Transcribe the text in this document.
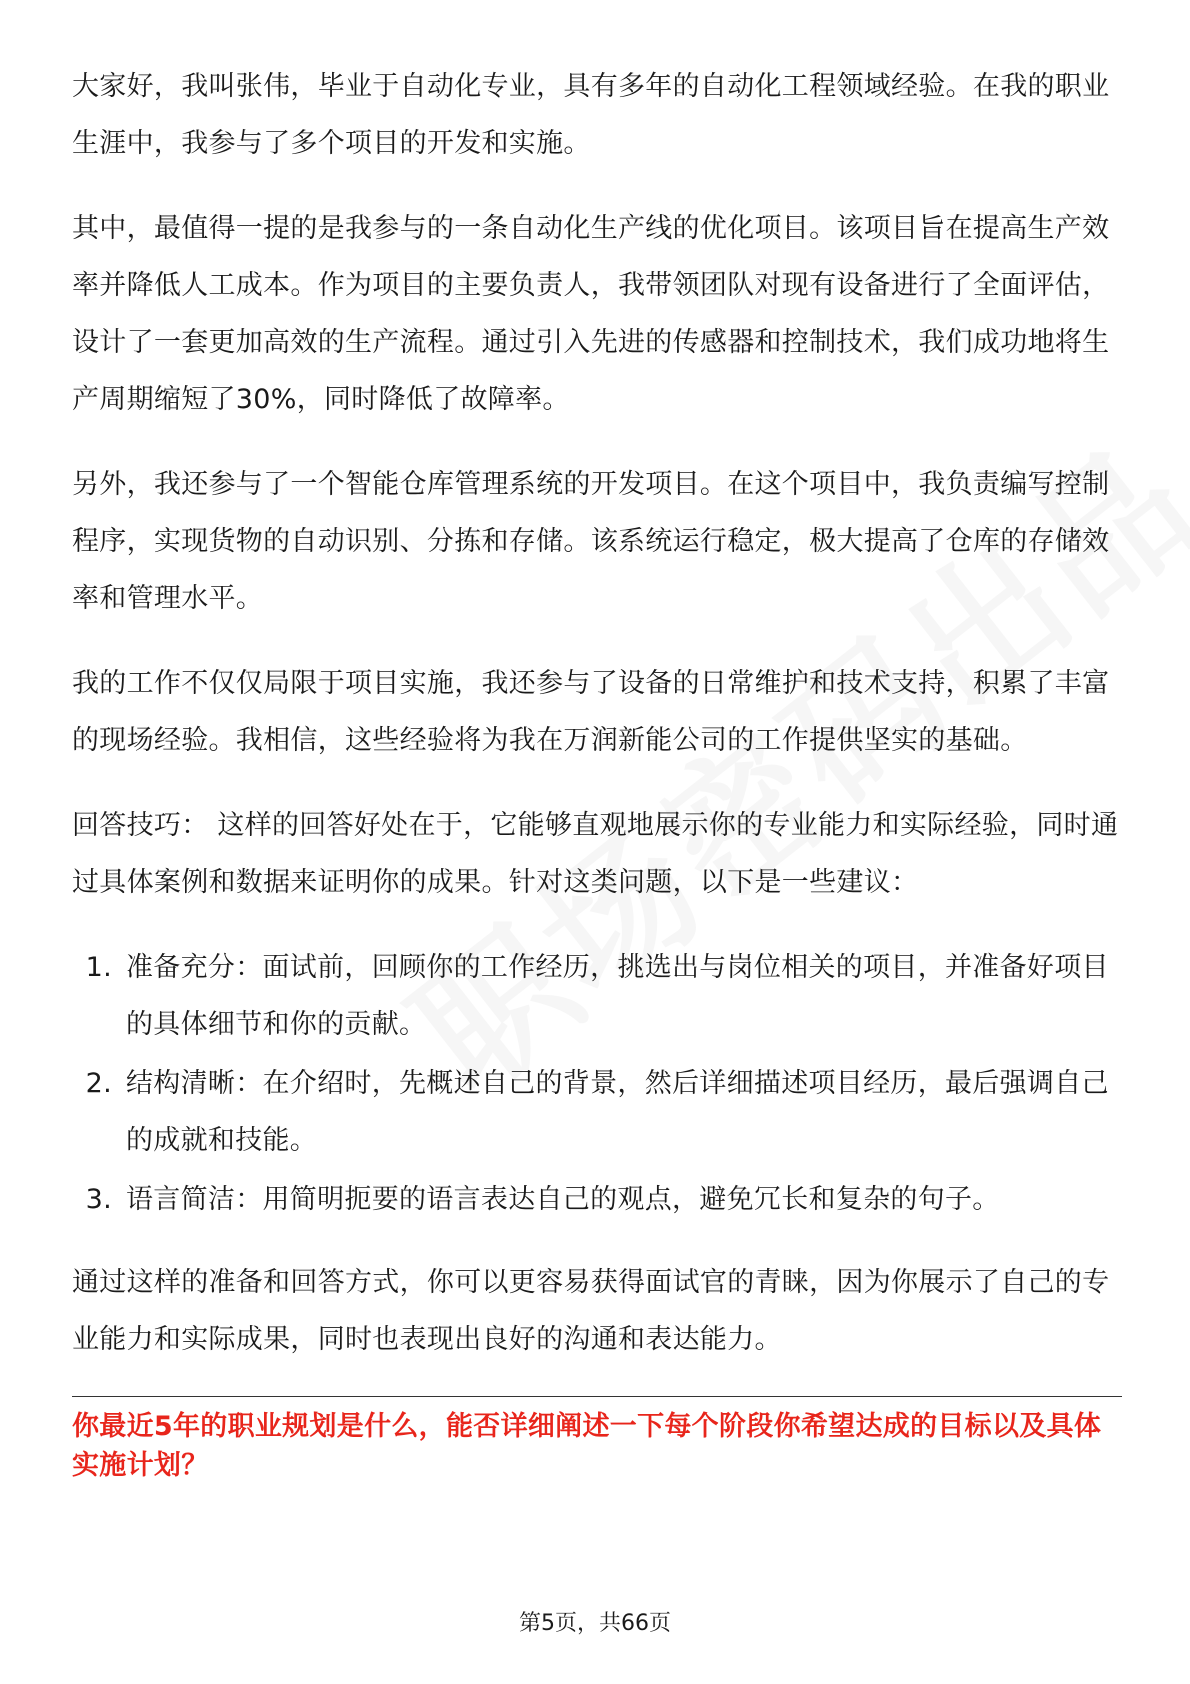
大家好，我叫张伟，毕业于自动化专业，具有多年的自动化工程领域经验。在我的职业生涯中，我参与了多个项目的开发和实施。

其中，最值得一提的是我参与的一条自动化生产线的优化项目。该项目旨在提高生产效率并降低人工成本。作为项目的主要负责人，我带领团队对现有设备进行了全面评估，设计了一套更加高效的生产流程。通过引入先进的传感器和控制技术，我们成功地将生产周期缩短了30%，同时降低了故障率。

另外，我还参与了一个智能仓库管理系统的开发项目。在这个项目中，我负责编写控制程序，实现货物的自动识别、分拣和存储。该系统运行稳定，极大提高了仓库的存储效率和管理水平。

我的工作不仅仅局限于项目实施，我还参与了设备的日常维护和技术支持，积累了丰富的现场经验。我相信，这些经验将为我在万润新能公司的工作提供坚实的基础。

回答技巧： 这样的回答好处在于，它能够直观地展示你的专业能力和实际经验，同时通过具体案例和数据来证明你的成果。针对这类问题，以下是一些建议：

1. 准备充分：面试前，回顾你的工作经历，挑选出与岗位相关的项目，并准备好项目的具体细节和你的贡献。
2. 结构清晰：在介绍时，先概述自己的背景，然后详细描述项目经历，最后强调自己的成就和技能。
3. 语言简洁：用简明扼要的语言表达自己的观点，避免冗长和复杂的句子。

通过这样的准备和回答方式，你可以更容易获得面试官的青睐，因为你展示了自己的专业能力和实际成果，同时也表现出良好的沟通和表达能力。

你最近5年的职业规划是什么，能否详细阐述一下每个阶段你希望达成的目标以及具体实施计划？

第5页，共66页
